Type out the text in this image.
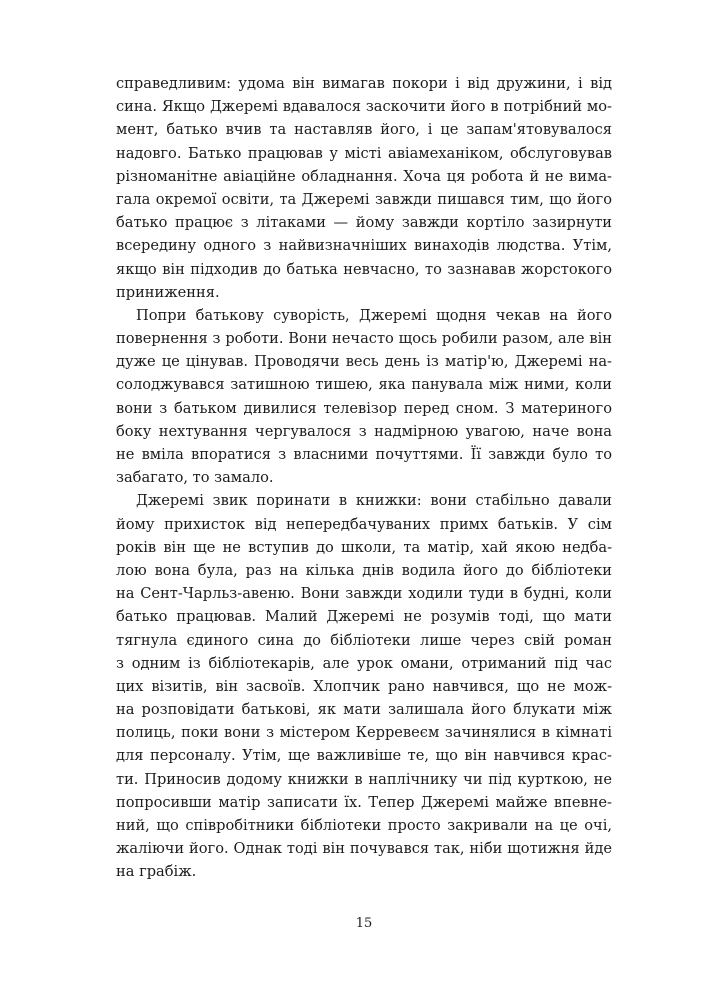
справедливим: удома він вимагав покори і від дружини, і від
сина. Якщо Джеремі вдавалося заскочити його в потрібний мо-
мент, батько вчив та наставляв його, і це запам'ятовувалося
надовго. Батько працював у місті авіамеханіком, обслуговував
різноманітне авіаційне обладнання. Хоча ця робота й не вима-
гала окремої освіти, та Джеремі завжди пишався тим, що його
батько працює з літаками — йому завжди кортіло зазирнути
всередину одного з найвизначніших винаходів людства. Утім,
якщо він підходив до батька невчасно, то зазнавав жорстокого
приниження.
Попри батькову суворість, Джеремі щодня чекав на його
повернення з роботи. Вони нечасто щось робили разом, але він
дуже це цінував. Проводячи весь день із матір'ю, Джеремі на-
солоджувався затишною тишею, яка панувала між ними, коли
вони з батьком дивилися телевізор перед сном. З материного
боку нехтування чергувалося з надмірною увагою, наче вона
не вміла впоратися з власними почуттями. Її завжди було то
забагато, то замало.
Джеремі звик поринати в книжки: вони стабільно давали
йому прихисток від непередбачуваних примх батьків. У сім
років він ще не вступив до школи, та матір, хай якою недба-
лою вона була, раз на кілька днів водила його до бібліотеки
на Сент-Чарльз-авеню. Вони завжди ходили туди в будні, коли
батько працював. Малий Джеремі не розумів тоді, що мати
тягнула єдиного сина до бібліотеки лише через свій роман
з одним із бібліотекарів, але урок омани, отриманий під час
цих візитів, він засвоїв. Хлопчик рано навчився, що не мож-
на розповідати батькові, як мати залишала його блукати між
полиць, поки вони з містером Керревеєм зачинялися в кімнаті
для персоналу. Утім, ще важливіше те, що він навчився крас-
ти. Приносив додому книжки в наплічнику чи під курткою, не
попросивши матір записати їх. Тепер Джеремі майже впевне-
ний, що співробітники бібліотеки просто закривали на це очі,
жаліючи його. Однак тоді він почувався так, ніби щотижня йде
на грабіж.
15
